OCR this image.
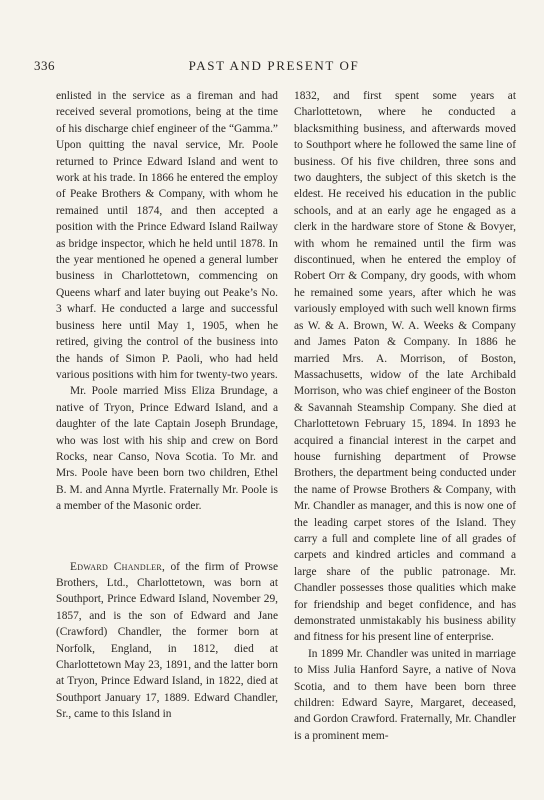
336	PAST AND PRESENT OF

enlisted in the service as a fireman and had received several promotions, being at the time of his discharge chief engineer of the “Gamma.” Upon quitting the naval service, Mr. Poole returned to Prince Edward Island and went to work at his trade. In 1866 he entered the employ of Peake Brothers & Company, with whom he remained until 1874, and then accepted a position with the Prince Edward Island Railway as bridge inspector, which he held until 1878. In the year mentioned he opened a general lumber business in Charlottetown, commencing on Queens wharf and later buying out Peake’s No. 3 wharf. He conducted a large and successful business here until May 1, 1905, when he retired, giving the control of the business into the hands of Simon P. Paoli, who had held various positions with him for twenty-two years.

Mr. Poole married Miss Eliza Brundage, a native of Tryon, Prince Edward Island, and a daughter of the late Captain Joseph Brundage, who was lost with his ship and crew on Bord Rocks, near Canso, Nova Scotia. To Mr. and Mrs. Poole have been born two children, Ethel B. M. and Anna Myrtle. Fraternally Mr. Poole is a member of the Masonic order.

Edward Chandler, of the firm of Prowse Brothers, Ltd., Charlottetown, was born at Southport, Prince Edward Island, November 29, 1857, and is the son of Edward and Jane (Crawford) Chandler, the former born at Norfolk, England, in 1812, died at Charlottetown May 23, 1891, and the latter born at Tryon, Prince Edward Island, in 1822, died at Southport January 17, 1889. Edward Chandler, Sr., came to this Island in

1832, and first spent some years at Charlottetown, where he conducted a blacksmithing business, and afterwards moved to Southport where he followed the same line of business. Of his five children, three sons and two daughters, the subject of this sketch is the eldest. He received his education in the public schools, and at an early age he engaged as a clerk in the hardware store of Stone & Bovyer, with whom he remained until the firm was discontinued, when he entered the employ of Robert Orr & Company, dry goods, with whom he remained some years, after which he was variously employed with such well known firms as W. & A. Brown, W. A. Weeks & Company and James Paton & Company. In 1886 he married Mrs. A. Morrison, of Boston, Massachusetts, widow of the late Archibald Morrison, who was chief engineer of the Boston & Savannah Steamship Company. She died at Charlottetown February 15, 1894. In 1893 he acquired a financial interest in the carpet and house furnishing department of Prowse Brothers, the department being conducted under the name of Prowse Brothers & Company, with Mr. Chandler as manager, and this is now one of the leading carpet stores of the Island. They carry a full and complete line of all grades of carpets and kindred articles and command a large share of the public patronage. Mr. Chandler possesses those qualities which make for friendship and beget confidence, and has demonstrated unmistakably his business ability and fitness for his present line of enterprise.

In 1899 Mr. Chandler was united in marriage to Miss Julia Hanford Sayre, a native of Nova Scotia, and to them have been born three children: Edward Sayre, Margaret, deceased, and Gordon Crawford. Fraternally, Mr. Chandler is a prominent mem-
